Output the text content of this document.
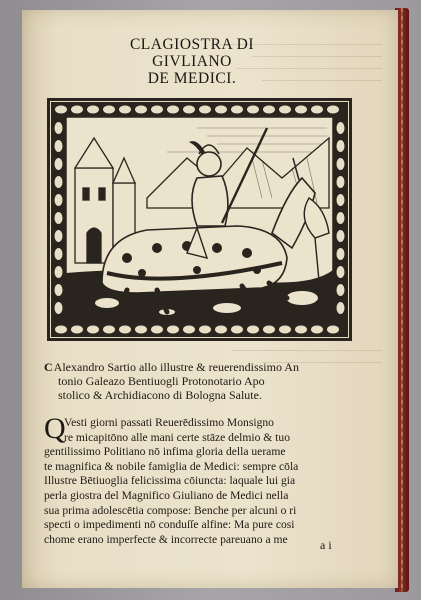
CLAGIOSTRA DI GIVLIANO
DE MEDICI.

CAlexandro Sartio allo illustre & reuerendissimo An
tonio Galeazo Bentiuogli Protonotario Apo
stolico & Archidiacono di Bologna Salute.

Q
Vesti giorni passati Reuerēdissimo Monsigno
re micapitōno alle mani certe stāze delmio & tuo
gentilissimo Politiano nō infima gloria della uerame
te magnifica & nobile famiglia de Medici: sempre cōla
Illustre Bētiuoglia felicissima cōiuncta: laquale lui gia
perla giostra del Magnifico Giuliano de Medici nella
sua prima adolescētia compose: Benche per alcuni o ri
specti o impedimenti nō conduſſe alfine: Ma pure cosi
chome erano imperfecte & incorrecte pareuano a me	a i
